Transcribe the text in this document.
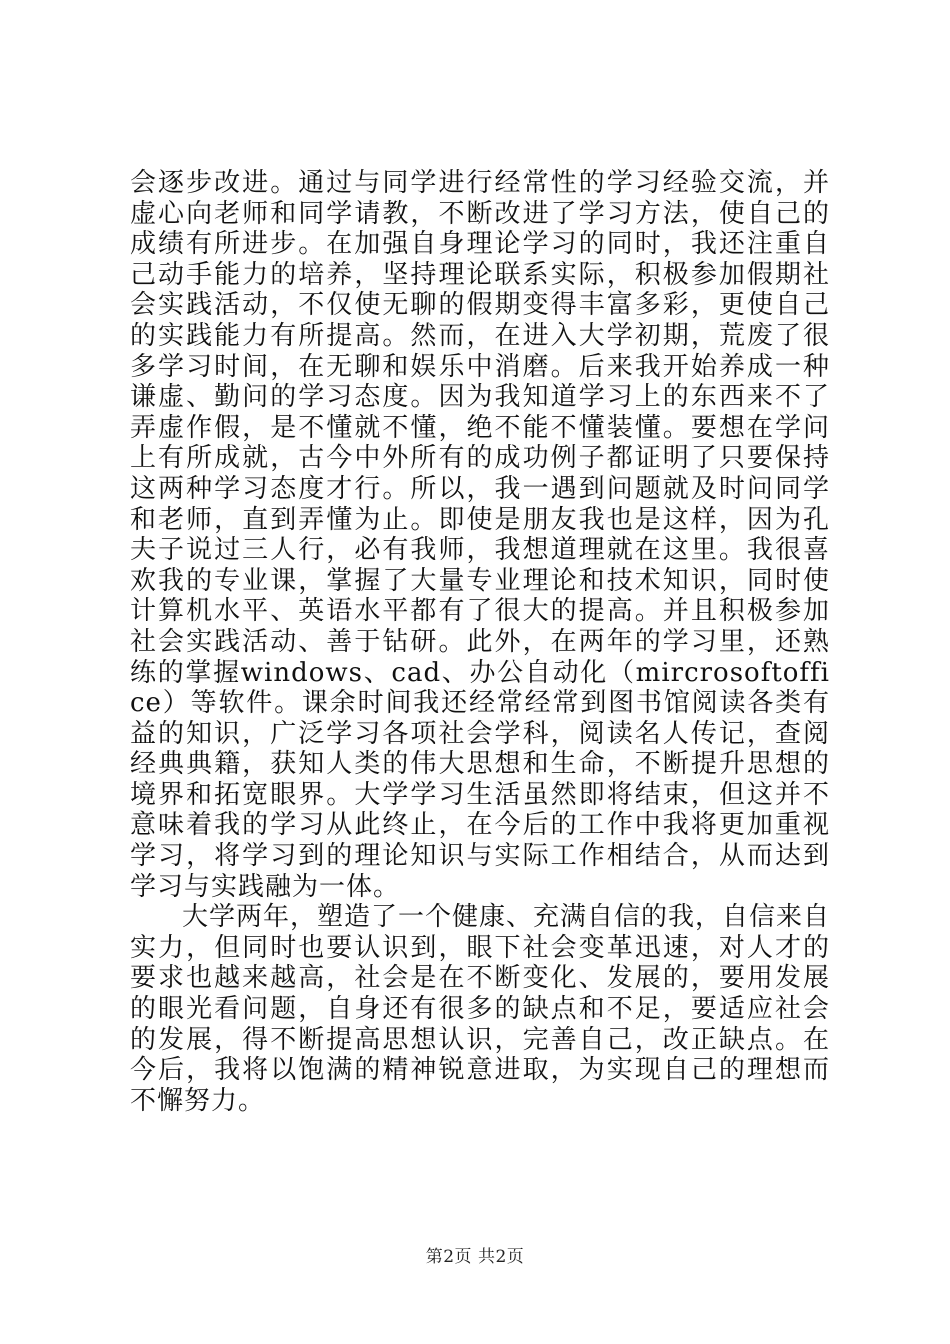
会逐步改进。通过与同学进行经常性的学习经验交流，并虚心向老师和同学请教，不断改进了学习方法，使自己的成绩有所进步。在加强自身理论学习的同时，我还注重自己动手能力的培养，坚持理论联系实际，积极参加假期社会实践活动，不仅使无聊的假期变得丰富多彩，更使自己的实践能力有所提高。然而，在进入大学初期，荒废了很多学习时间，在无聊和娱乐中消磨。后来我开始养成一种谦虚、勤问的学习态度。因为我知道学习上的东西来不了弄虚作假，是不懂就不懂，绝不能不懂装懂。要想在学问上有所成就，古今中外所有的成功例子都证明了只要保持这两种学习态度才行。所以，我一遇到问题就及时问同学和老师，直到弄懂为止。即使是朋友我也是这样，因为孔夫子说过三人行，必有我师，我想道理就在这里。我很喜欢我的专业课，掌握了大量专业理论和技术知识，同时使计算机水平、英语水平都有了很大的提高。并且积极参加社会实践活动、善于钻研。此外，在两年的学习里，还熟练的掌握windows、cad、办公自动化（mircrosoftoffice）等软件。课余时间我还经常经常到图书馆阅读各类有益的知识，广泛学习各项社会学科，阅读名人传记，查阅经典典籍，获知人类的伟大思想和生命，不断提升思想的境界和拓宽眼界。大学学习生活虽然即将结束，但这并不意味着我的学习从此终止，在今后的工作中我将更加重视学习，将学习到的理论知识与实际工作相结合，从而达到学习与实践融为一体。

大学两年，塑造了一个健康、充满自信的我，自信来自实力，但同时也要认识到，眼下社会变革迅速，对人才的要求也越来越高，社会是在不断变化、发展的，要用发展的眼光看问题，自身还有很多的缺点和不足，要适应社会的发展，得不断提高思想认识，完善自己，改正缺点。在今后，我将以饱满的精神锐意进取，为实现自己的理想而不懈努力。

第2页 共2页
